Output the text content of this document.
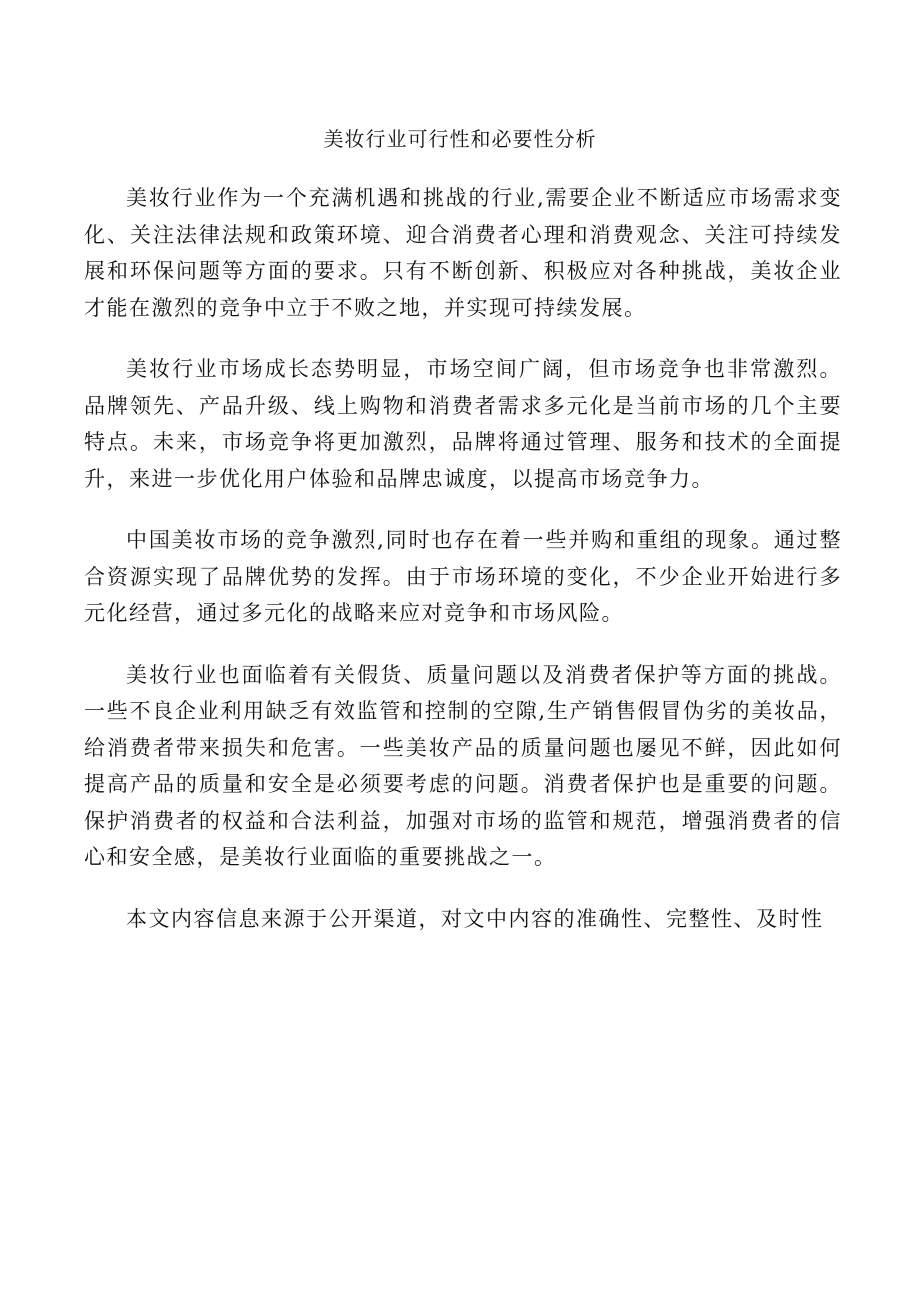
美妆行业可行性和必要性分析

美妆行业作为一个充满机遇和挑战的行业,需要企业不断适应市场需求变化、关注法律法规和政策环境、迎合消费者心理和消费观念、关注可持续发展和环保问题等方面的要求。只有不断创新、积极应对各种挑战，美妆企业才能在激烈的竞争中立于不败之地，并实现可持续发展。

美妆行业市场成长态势明显，市场空间广阔，但市场竞争也非常激烈。品牌领先、产品升级、线上购物和消费者需求多元化是当前市场的几个主要特点。未来，市场竞争将更加激烈，品牌将通过管理、服务和技术的全面提升，来进一步优化用户体验和品牌忠诚度，以提高市场竞争力。

中国美妆市场的竞争激烈,同时也存在着一些并购和重组的现象。通过整合资源实现了品牌优势的发挥。由于市场环境的变化，不少企业开始进行多元化经营，通过多元化的战略来应对竞争和市场风险。

美妆行业也面临着有关假货、质量问题以及消费者保护等方面的挑战。一些不良企业利用缺乏有效监管和控制的空隙,生产销售假冒伪劣的美妆品，给消费者带来损失和危害。一些美妆产品的质量问题也屡见不鲜，因此如何提高产品的质量和安全是必须要考虑的问题。消费者保护也是重要的问题。保护消费者的权益和合法利益，加强对市场的监管和规范，增强消费者的信心和安全感，是美妆行业面临的重要挑战之一。

本文内容信息来源于公开渠道，对文中内容的准确性、完整性、及时性
